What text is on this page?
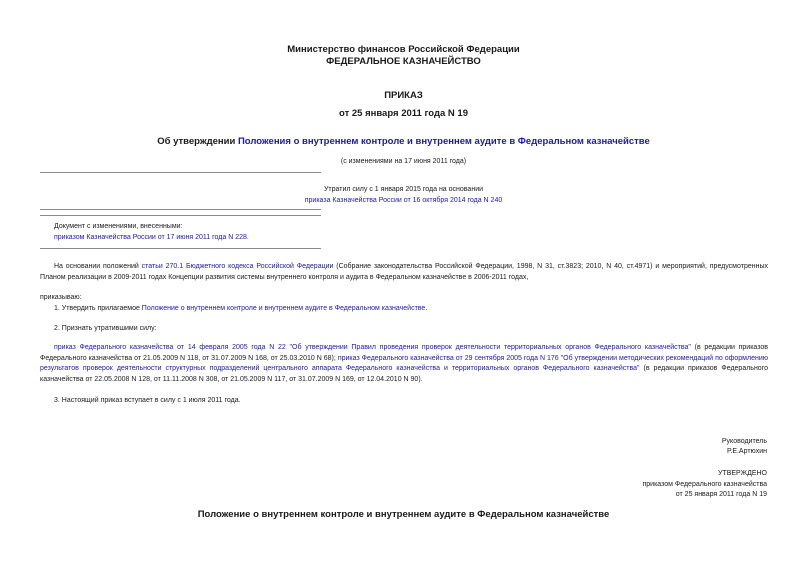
Министерство финансов Российской Федерации
ФЕДЕРАЛЬНОЕ КАЗНАЧЕЙСТВО
ПРИКАЗ
от 25 января 2011 года N 19
Об утверждении Положения о внутреннем контроле и внутреннем аудите в Федеральном казначействе
(с изменениями на 17 июня 2011 года)
Утратил силу с 1 января 2015 года на основании
приказа Казначейства России от 16 октября 2014 года N 240
Документ с изменениями, внесенными:
приказом Казначейства России от 17 июня 2011 года N 228.
На основании положений статьи 270.1 Бюджетного кодекса Российской Федерации (Собрание законодательства Российской Федерации, 1998, N 31, ст.3823; 2010, N 40, ст.4971) и мероприятий, предусмотренных Планом реализации в 2009-2011 годах Концепции развития системы внутреннего контроля и аудита в Федеральном казначействе в 2006-2011 годах,
приказываю:
1. Утвердить прилагаемое Положение о внутреннем контроле и внутреннем аудите в Федеральном казначействе.
2. Признать утратившими силу:
приказ Федерального казначейства от 14 февраля 2005 года N 22 "Об утверждении Правил проведения проверок деятельности территориальных органов Федерального казначейства" (в редакции приказов Федерального казначейства от 21.05.2009 N 118, от 31.07.2009 N 168, от 25.03.2010 N 68); приказ Федерального казначейства от 29 сентября 2005 года N 176 "Об утверждении методических рекомендаций по оформлению результатов проверок деятельности структурных подразделений центрального аппарата Федерального казначейства и территориальных органов Федерального казначейства" (в редакции приказов Федерального казначейства от 22.05.2008 N 128, от 11.11.2008 N 308, от 21.05.2009 N 117, от 31.07.2009 N 169, от 12.04.2010 N 90).
3. Настоящий приказ вступает в силу с 1 июля 2011 года.
Руководитель
Р.Е.Артюхин
УТВЕРЖДЕНО
приказом Федерального казначейства
от 25 января 2011 года N 19
Положение о внутреннем контроле и внутреннем аудите в Федеральном казначействе
